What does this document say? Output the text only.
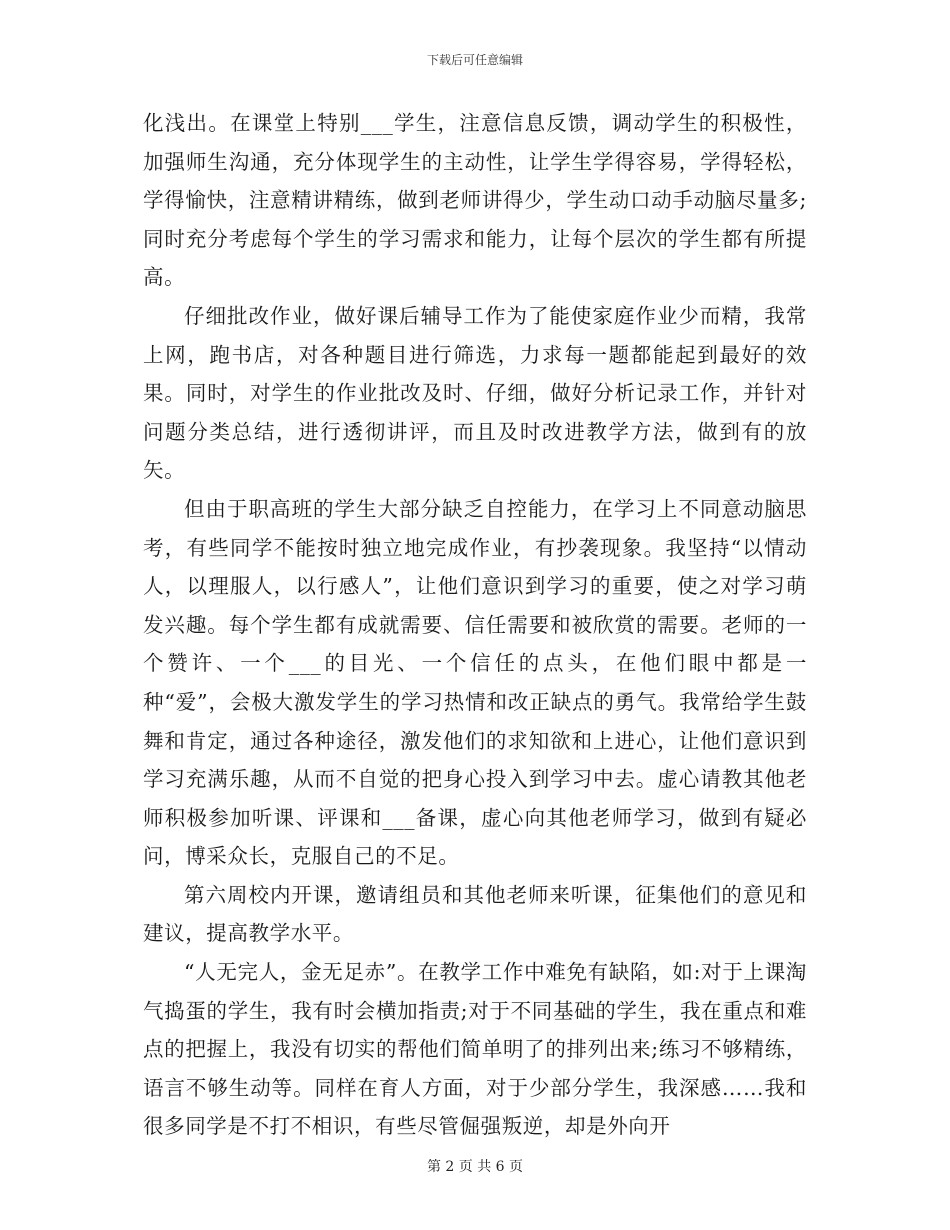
下载后可任意编辑

化浅出。在课堂上特别___学生，注意信息反馈，调动学生的积极性，加强师生沟通，充分体现学生的主动性，让学生学得容易，学得轻松，学得愉快，注意精讲精练，做到老师讲得少，学生动口动手动脑尽量多;同时充分考虑每个学生的学习需求和能力，让每个层次的学生都有所提高。

仔细批改作业，做好课后辅导工作为了能使家庭作业少而精，我常上网，跑书店，对各种题目进行筛选，力求每一题都能起到最好的效果。同时，对学生的作业批改及时、仔细，做好分析记录工作，并针对问题分类总结，进行透彻讲评，而且及时改进教学方法，做到有的放矢。

但由于职高班的学生大部分缺乏自控能力，在学习上不同意动脑思考，有些同学不能按时独立地完成作业，有抄袭现象。我坚持“以情动人，以理服人，以行感人”，让他们意识到学习的重要，使之对学习萌发兴趣。每个学生都有成就需要、信任需要和被欣赏的需要。老师的一个赞许、一个___的目光、一个信任的点头，在他们眼中都是一种“爱”，会极大激发学生的学习热情和改正缺点的勇气。我常给学生鼓舞和肯定，通过各种途径，激发他们的求知欲和上进心，让他们意识到学习充满乐趣，从而不自觉的把身心投入到学习中去。虚心请教其他老师积极参加听课、评课和___备课，虚心向其他老师学习，做到有疑必问，博采众长，克服自己的不足。

第六周校内开课，邀请组员和其他老师来听课，征集他们的意见和建议，提高教学水平。

“人无完人，金无足赤”。在教学工作中难免有缺陷，如:对于上课淘气捣蛋的学生，我有时会横加指责;对于不同基础的学生，我在重点和难点的把握上，我没有切实的帮他们简单明了的排列出来;练习不够精练，语言不够生动等。同样在育人方面，对于少部分学生，我深感……我和很多同学是不打不相识，有些尽管倔强叛逆，却是外向开

第 2 页 共 6 页
